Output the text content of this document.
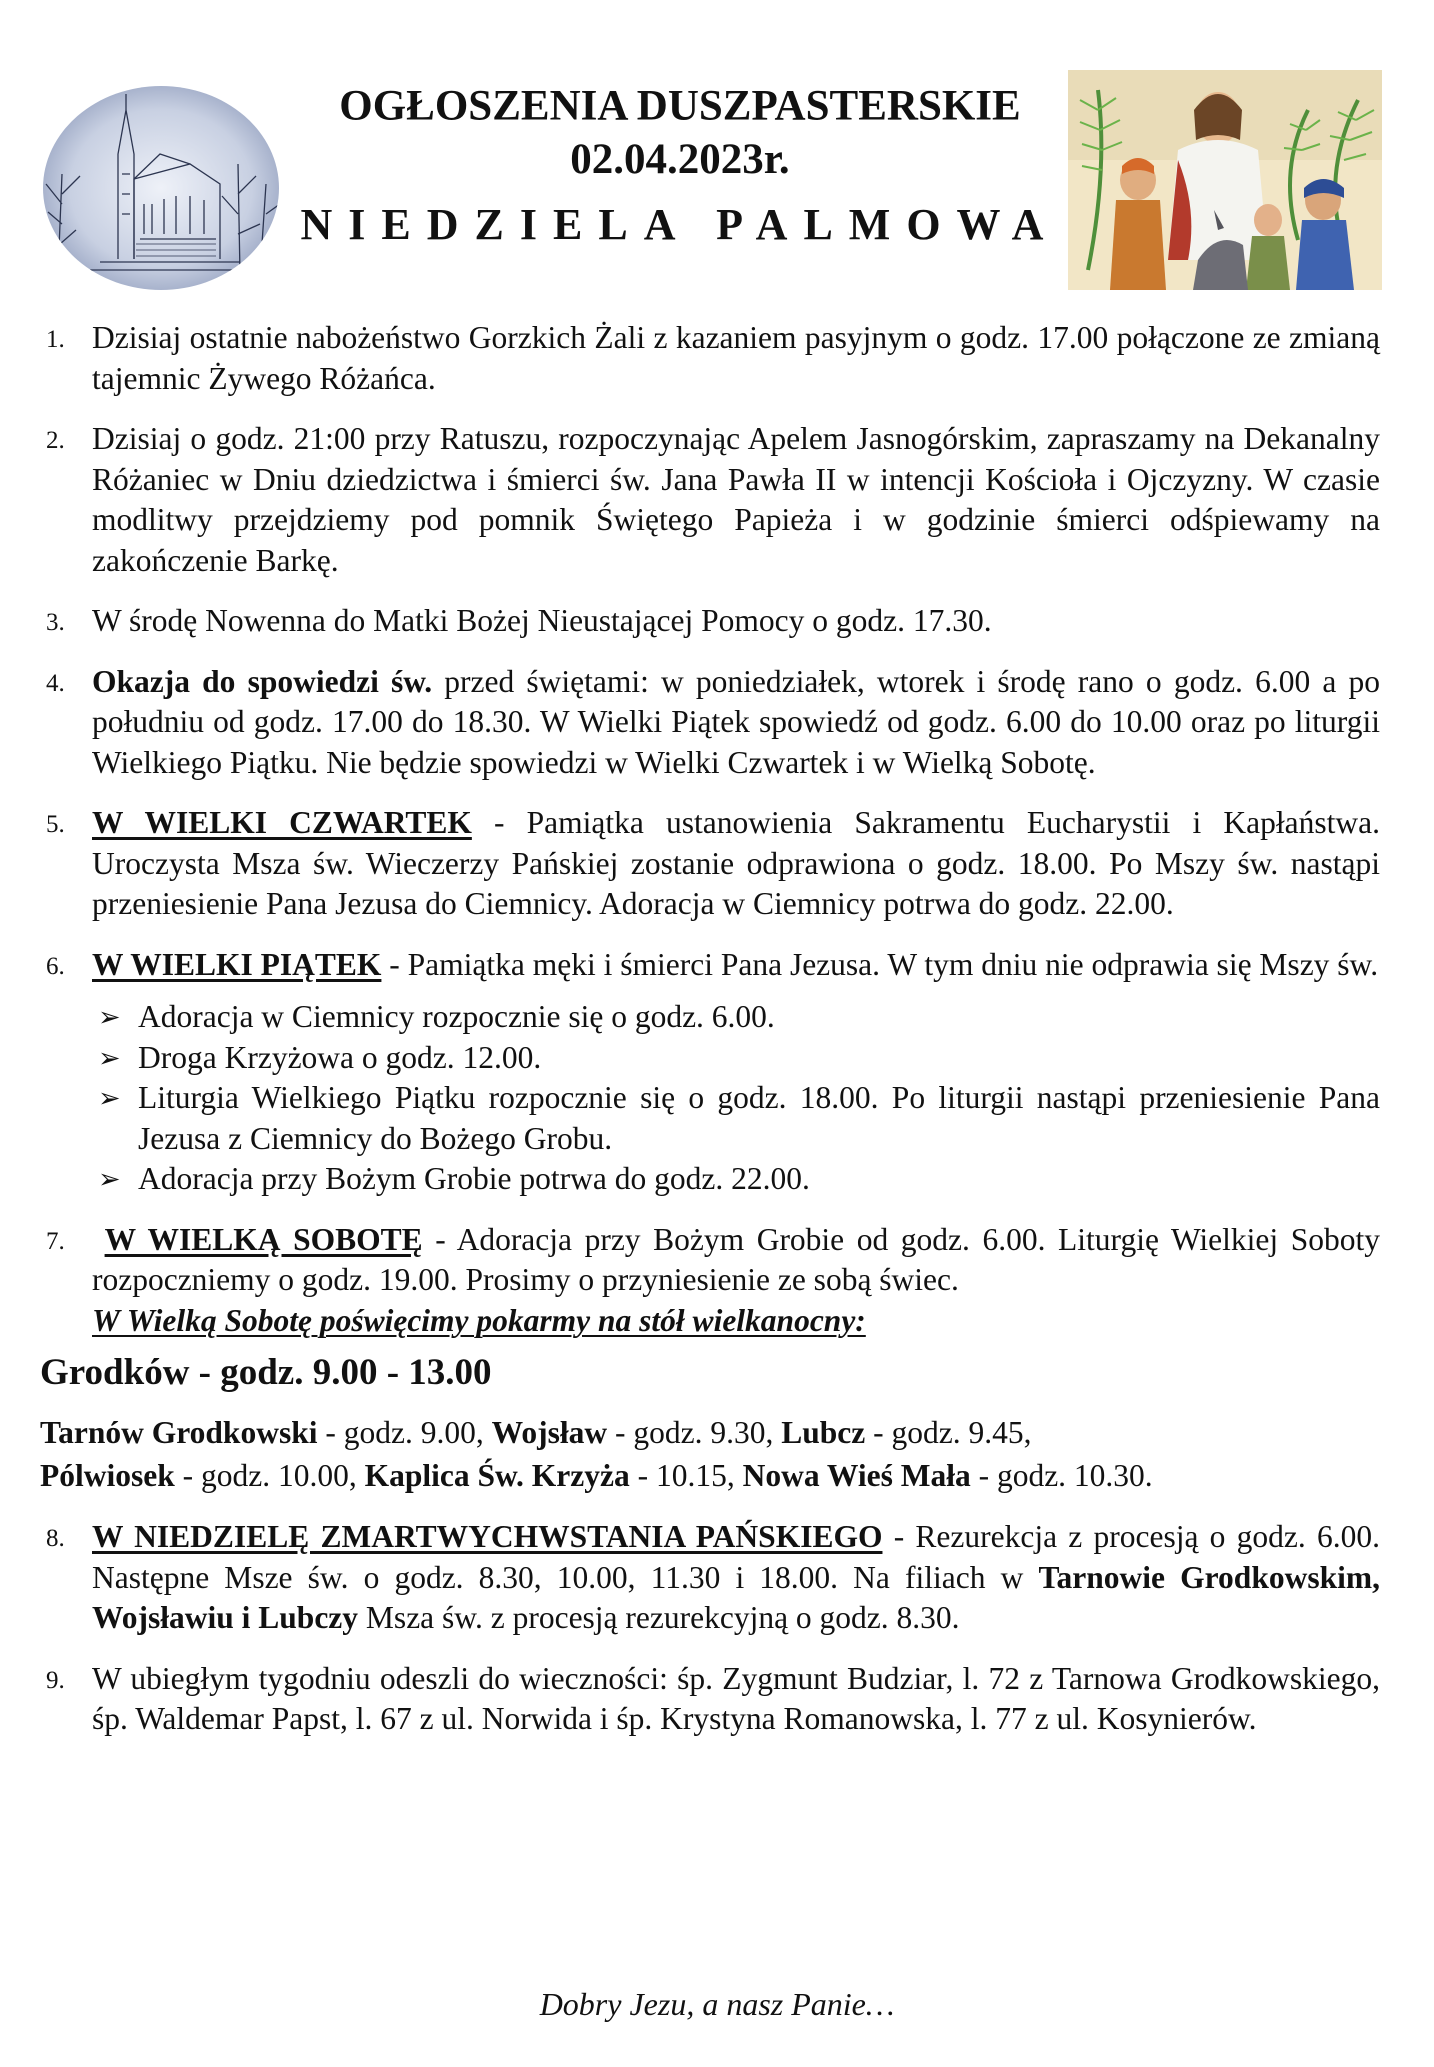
OGŁOSZENIA DUSZPASTERSKIE
02.04.2023r.
NIEDZIELA PALMOWA
1. Dzisiaj ostatnie nabożeństwo Gorzkich Żali z kazaniem pasyjnym o godz. 17.00 połączone ze zmianą tajemnic Żywego Różańca.

2. Dzisiaj o godz. 21:00 przy Ratuszu, rozpoczynając Apelem Jasnogórskim, zapraszamy na Dekanalny Różaniec w Dniu dziedzictwa i śmierci św. Jana Pawła II w intencji Kościoła i Ojczyzny. W czasie modlitwy przejdziemy pod pomnik Świętego Papieża i w godzinie śmierci odśpiewamy na zakończenie Barkę.

3. W środę Nowenna do Matki Bożej Nieustającej Pomocy o godz. 17.30.

4. Okazja do spowiedzi św. przed świętami: w poniedziałek, wtorek i środę rano o godz. 6.00 a po południu od godz. 17.00 do 18.30. W Wielki Piątek spowiedź od godz. 6.00 do 10.00 oraz po liturgii Wielkiego Piątku. Nie będzie spowiedzi w Wielki Czwartek i w Wielką Sobotę.

5. W WIELKI CZWARTEK - Pamiątka ustanowienia Sakramentu Eucharystii i Kapłaństwa. Uroczysta Msza św. Wieczerzy Pańskiej zostanie odprawiona o godz. 18.00. Po Mszy św. nastąpi przeniesienie Pana Jezusa do Ciemnicy. Adoracja w Ciemnicy potrwa do godz. 22.00.

6. W WIELKI PIĄTEK - Pamiątka męki i śmierci Pana Jezusa. W tym dniu nie odprawia się Mszy św.

➢ Adoracja w Ciemnicy rozpocznie się o godz. 6.00.
➢ Droga Krzyżowa o godz. 12.00.
➢ Liturgia Wielkiego Piątku rozpocznie się o godz. 18.00. Po liturgii nastąpi przeniesienie Pana Jezusa z Ciemnicy do Bożego Grobu.
➢ Adoracja przy Bożym Grobie potrwa do godz. 22.00.
7.	W WIELKĄ SOBOTĘ - Adoracja przy Bożym Grobie od godz. 6.00. Liturgię Wielkiej Soboty rozpoczniemy o godz. 19.00. Prosimy o przyniesienie ze sobą świec.

W Wielką Sobotę poświęcimy pokarmy na stół wielkanocny:

Grodków - godz. 9.00 - 13.00
Tarnów Grodkowski - godz. 9.00, Wojsław - godz. 9.30, Lubcz - godz. 9.45,
Pólwiosek - godz. 10.00, Kaplica Św. Krzyża - 10.15, Nowa Wieś Mała - godz. 10.30.
8. W NIEDZIELĘ ZMARTWYCHWSTANIA PAŃSKIEGO - Rezurekcja z procesją o godz. 6.00. Następne Msze św. o godz. 8.30, 10.00, 11.30 i 18.00. Na filiach w Tarnowie Grodkowskim, Wojsławiu i Lubczy Msza św. z procesją rezurekcyjną o godz. 8.30.

9. W ubiegłym tygodniu odeszli do wieczności: śp. Zygmunt Budziar, l. 72 z Tarnowa Grodkowskiego, śp. Waldemar Papst, l. 67 z ul. Norwida i śp. Krystyna Romanowska, l. 77 z ul. Kosynierów.

Dobry Jezu, a nasz Panie…
